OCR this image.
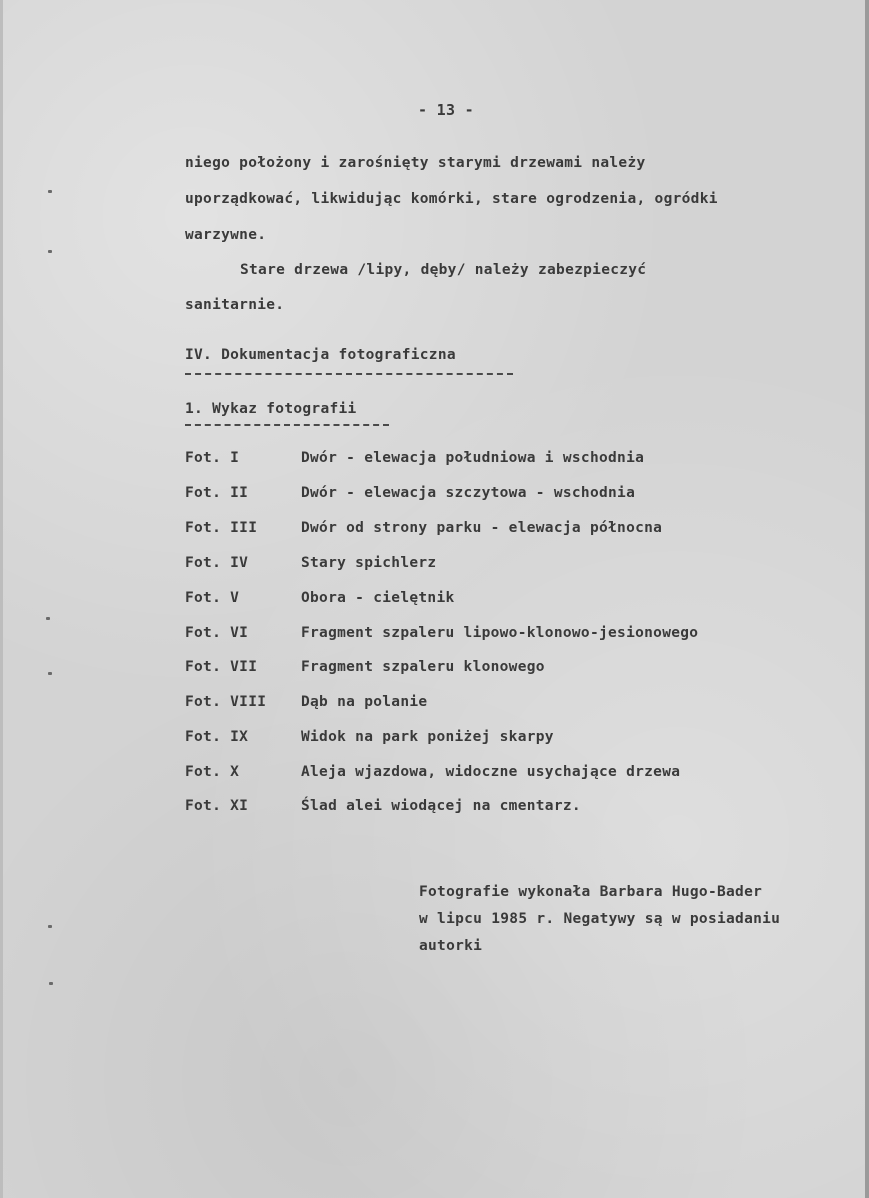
- 13 -
niego położony i zarośnięty starymi drzewami należy
uporządkować, likwidując komórki, stare ogrodzenia, ogródki
warzywne.
Stare drzewa /lipy, dęby/ należy zabezpieczyć
sanitarnie.
IV. Dokumentacja fotograficzna
1. Wykaz fotografii
Fot. I	Dwór - elewacja południowa i wschodnia
Fot. II	Dwór - elewacja szczytowa - wschodnia
Fot. III	Dwór od strony parku - elewacja północna
Fot. IV	Stary spichlerz
Fot. V	Obora - cielętnik
Fot. VI	Fragment szpaleru lipowo-klonowo-jesionowego
Fot. VII	Fragment szpaleru klonowego
Fot. VIII Dąb na polanie
Fot. IX	Widok na park poniżej skarpy
Fot. X	Aleja wjazdowa, widoczne usychające drzewa
Fot. XI	Ślad alei wiodącej na cmentarz.
Fotografie wykonała Barbara Hugo-Bader
w lipcu 1985 r. Negatywy są w posiadaniu
autorki
